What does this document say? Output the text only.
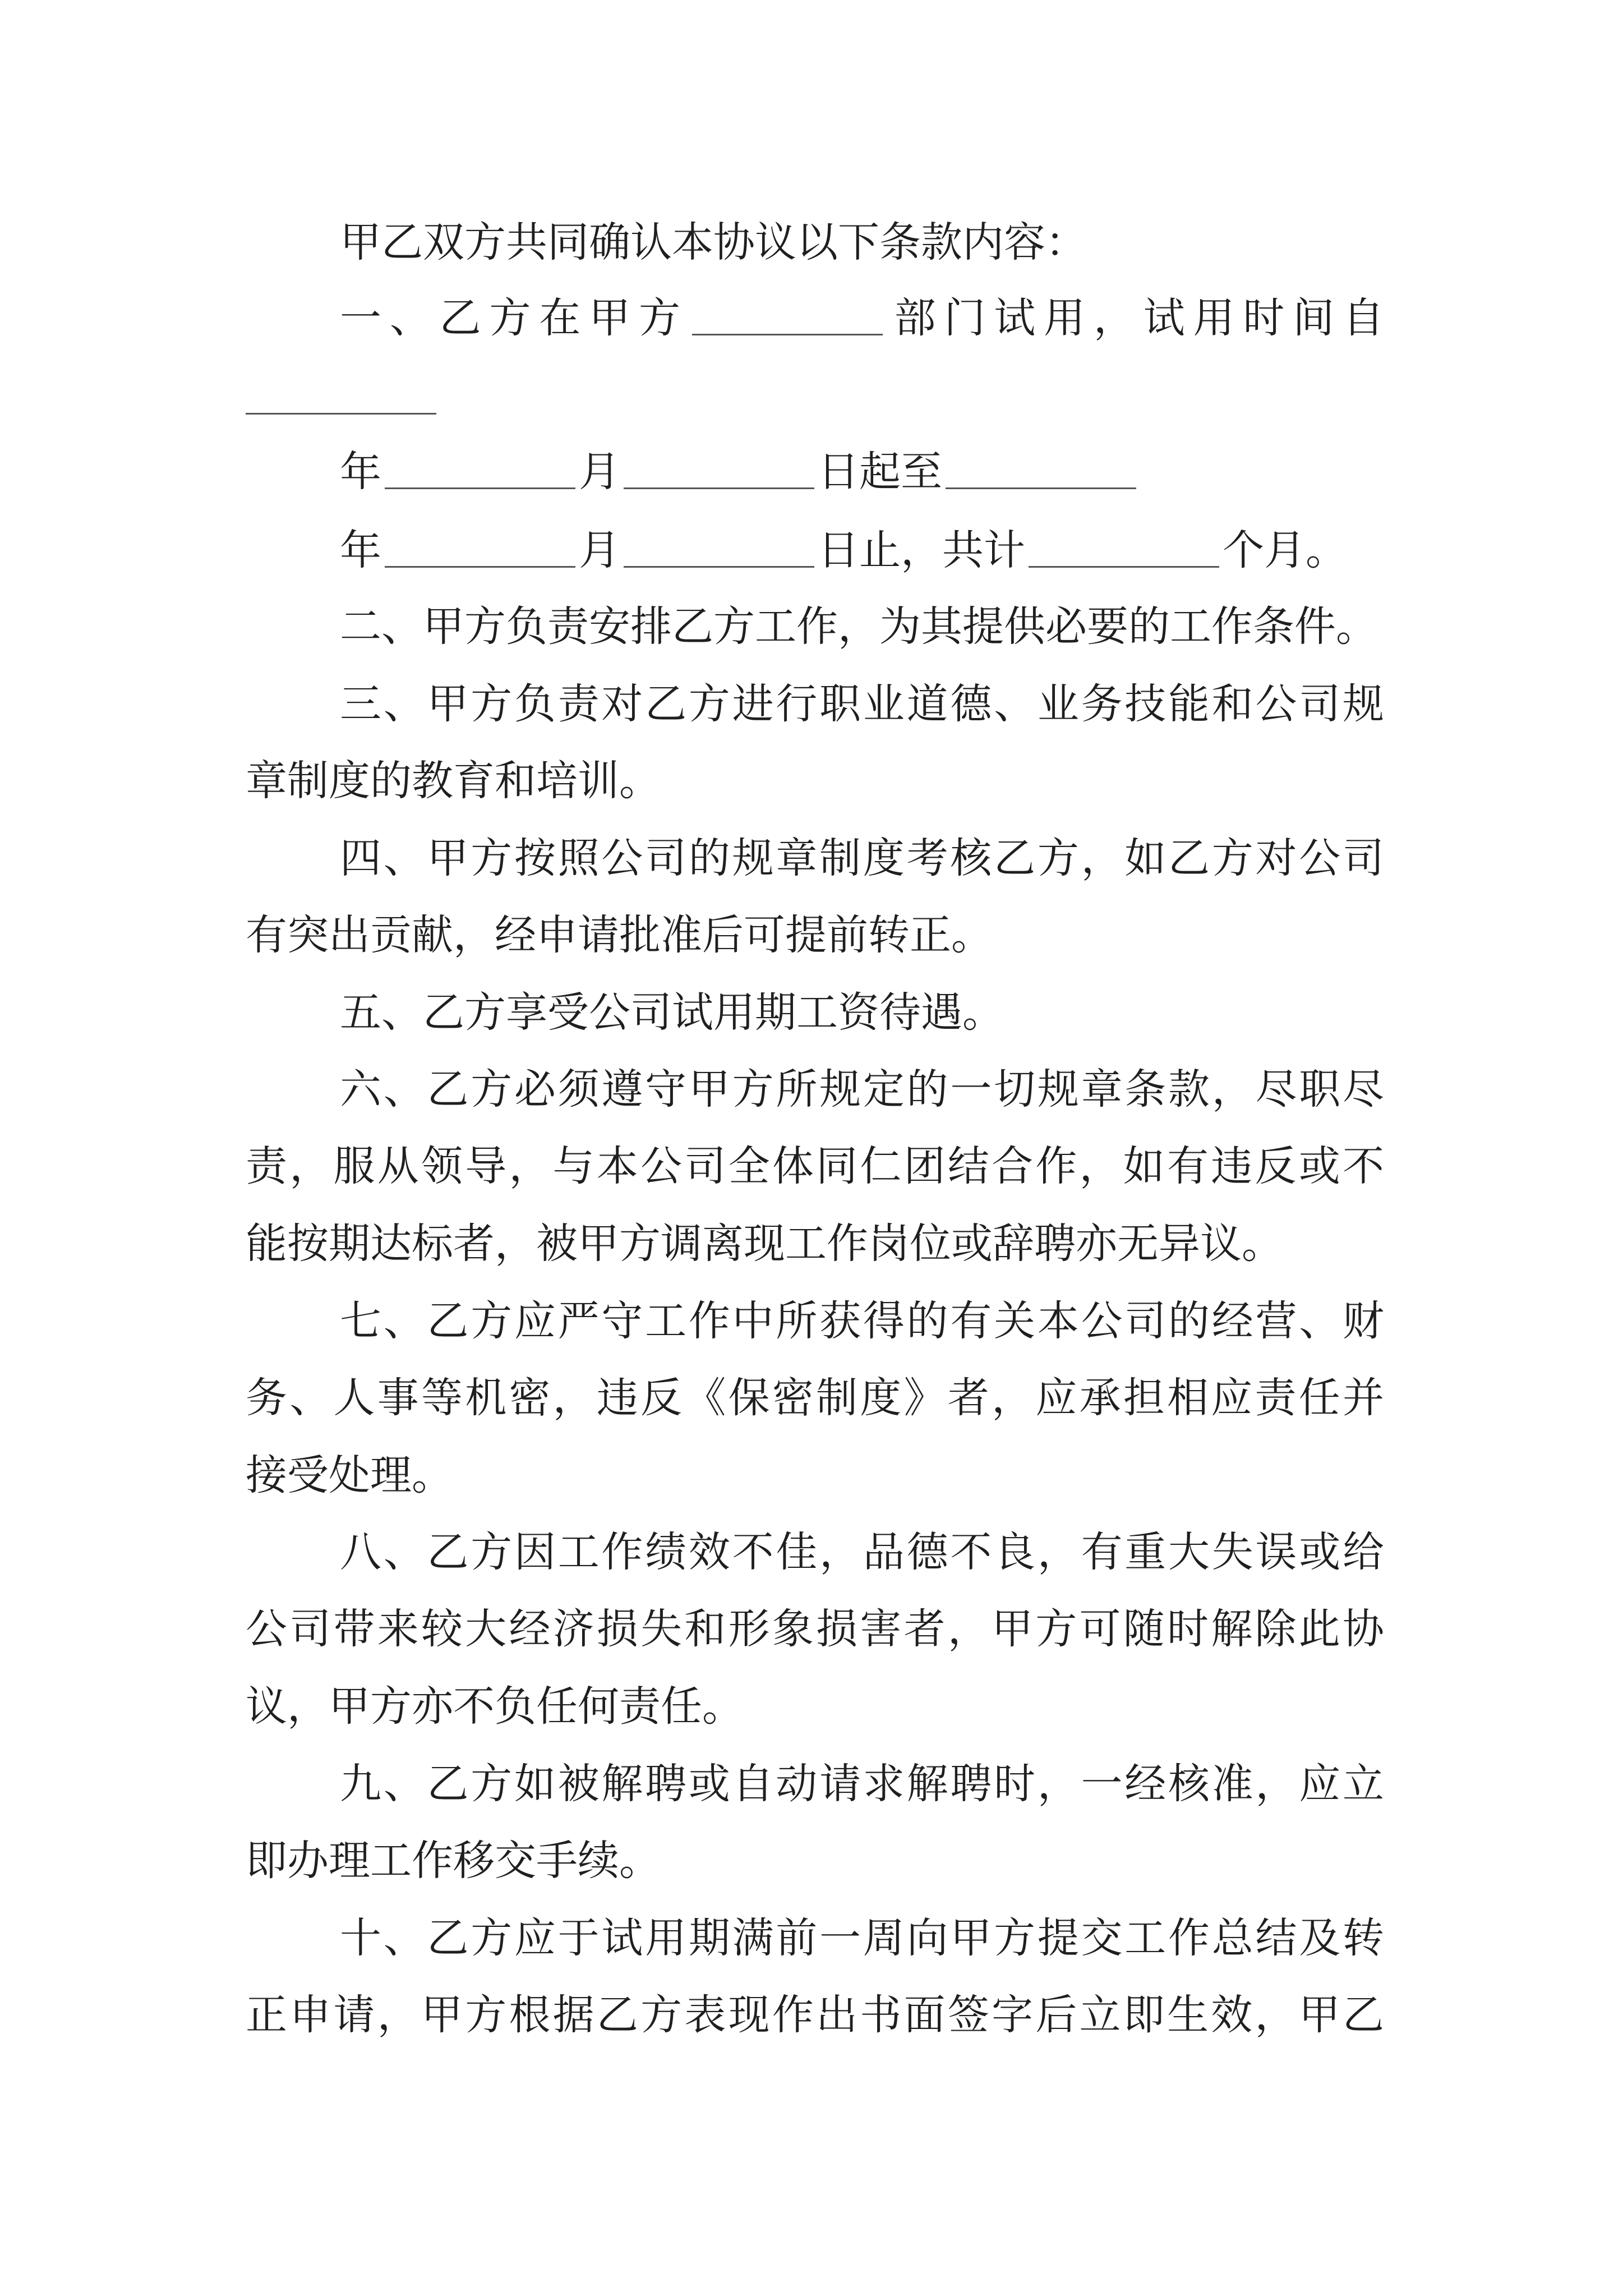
甲乙双方共同确认本协议以下条款内容：
一、乙方在甲方	部门试用，试用时间自
年	月	日起至
年	月	日止，共计	个月。
二、甲方负责安排乙方工作，为其提供必要的工作条件。
三、甲方负责对乙方进行职业道德、业务技能和公司规
章制度的教育和培训。
四、甲方按照公司的规章制度考核乙方，如乙方对公司
有突出贡献，经申请批准后可提前转正。
五、乙方享受公司试用期工资待遇。
六、乙方必须遵守甲方所规定的一切规章条款，尽职尽
责，服从领导，与本公司全体同仁团结合作，如有违反或不
能按期达标者，被甲方调离现工作岗位或辞聘亦无异议。
七、乙方应严守工作中所获得的有关本公司的经营、财
务、人事等机密，违反《保密制度》者，应承担相应责任并
接受处理。
八、乙方因工作绩效不佳，品德不良，有重大失误或给
公司带来较大经济损失和形象损害者，甲方可随时解除此协
议，甲方亦不负任何责任。
九、乙方如被解聘或自动请求解聘时，一经核准，应立
即办理工作移交手续。
十、乙方应于试用期满前一周向甲方提交工作总结及转
正申请，甲方根据乙方表现作出书面签字后立即生效，甲乙
